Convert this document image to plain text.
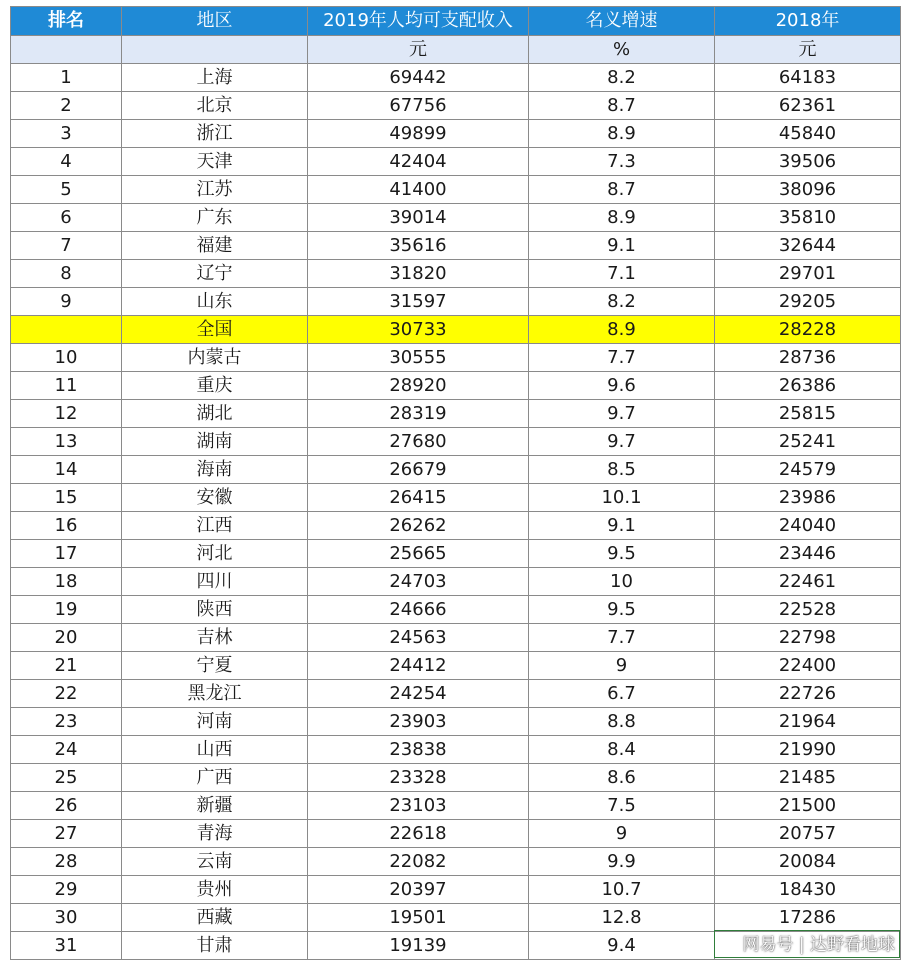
排名	地区	2019年人均可支配收入	名义增速	2018年
		元	%	元
1	上海	69442	8.2	64183
2	北京	67756	8.7	62361
3	浙江	49899	8.9	45840
4	天津	42404	7.3	39506
5	江苏	41400	8.7	38096
6	广东	39014	8.9	35810
7	福建	35616	9.1	32644
8	辽宁	31820	7.1	29701
9	山东	31597	8.2	29205
	全国	30733	8.9	28228
10	内蒙古	30555	7.7	28736
11	重庆	28920	9.6	26386
12	湖北	28319	9.7	25815
13	湖南	27680	9.7	25241
14	海南	26679	8.5	24579
15	安徽	26415	10.1	23986
16	江西	26262	9.1	24040
17	河北	25665	9.5	23446
18	四川	24703	10	22461
19	陕西	24666	9.5	22528
20	吉林	24563	7.7	22798
21	宁夏	24412	9	22400
22	黑龙江	24254	6.7	22726
23	河南	23903	8.8	21964
24	山西	23838	8.4	21990
25	广西	23328	8.6	21485
26	新疆	23103	7.5	21500
27	青海	22618	9	20757
28	云南	22082	9.9	20084
29	贵州	20397	10.7	18430
30	西藏	19501	12.8	17286
31	甘肃	19139	9.4		网易号 | 达野看地球
